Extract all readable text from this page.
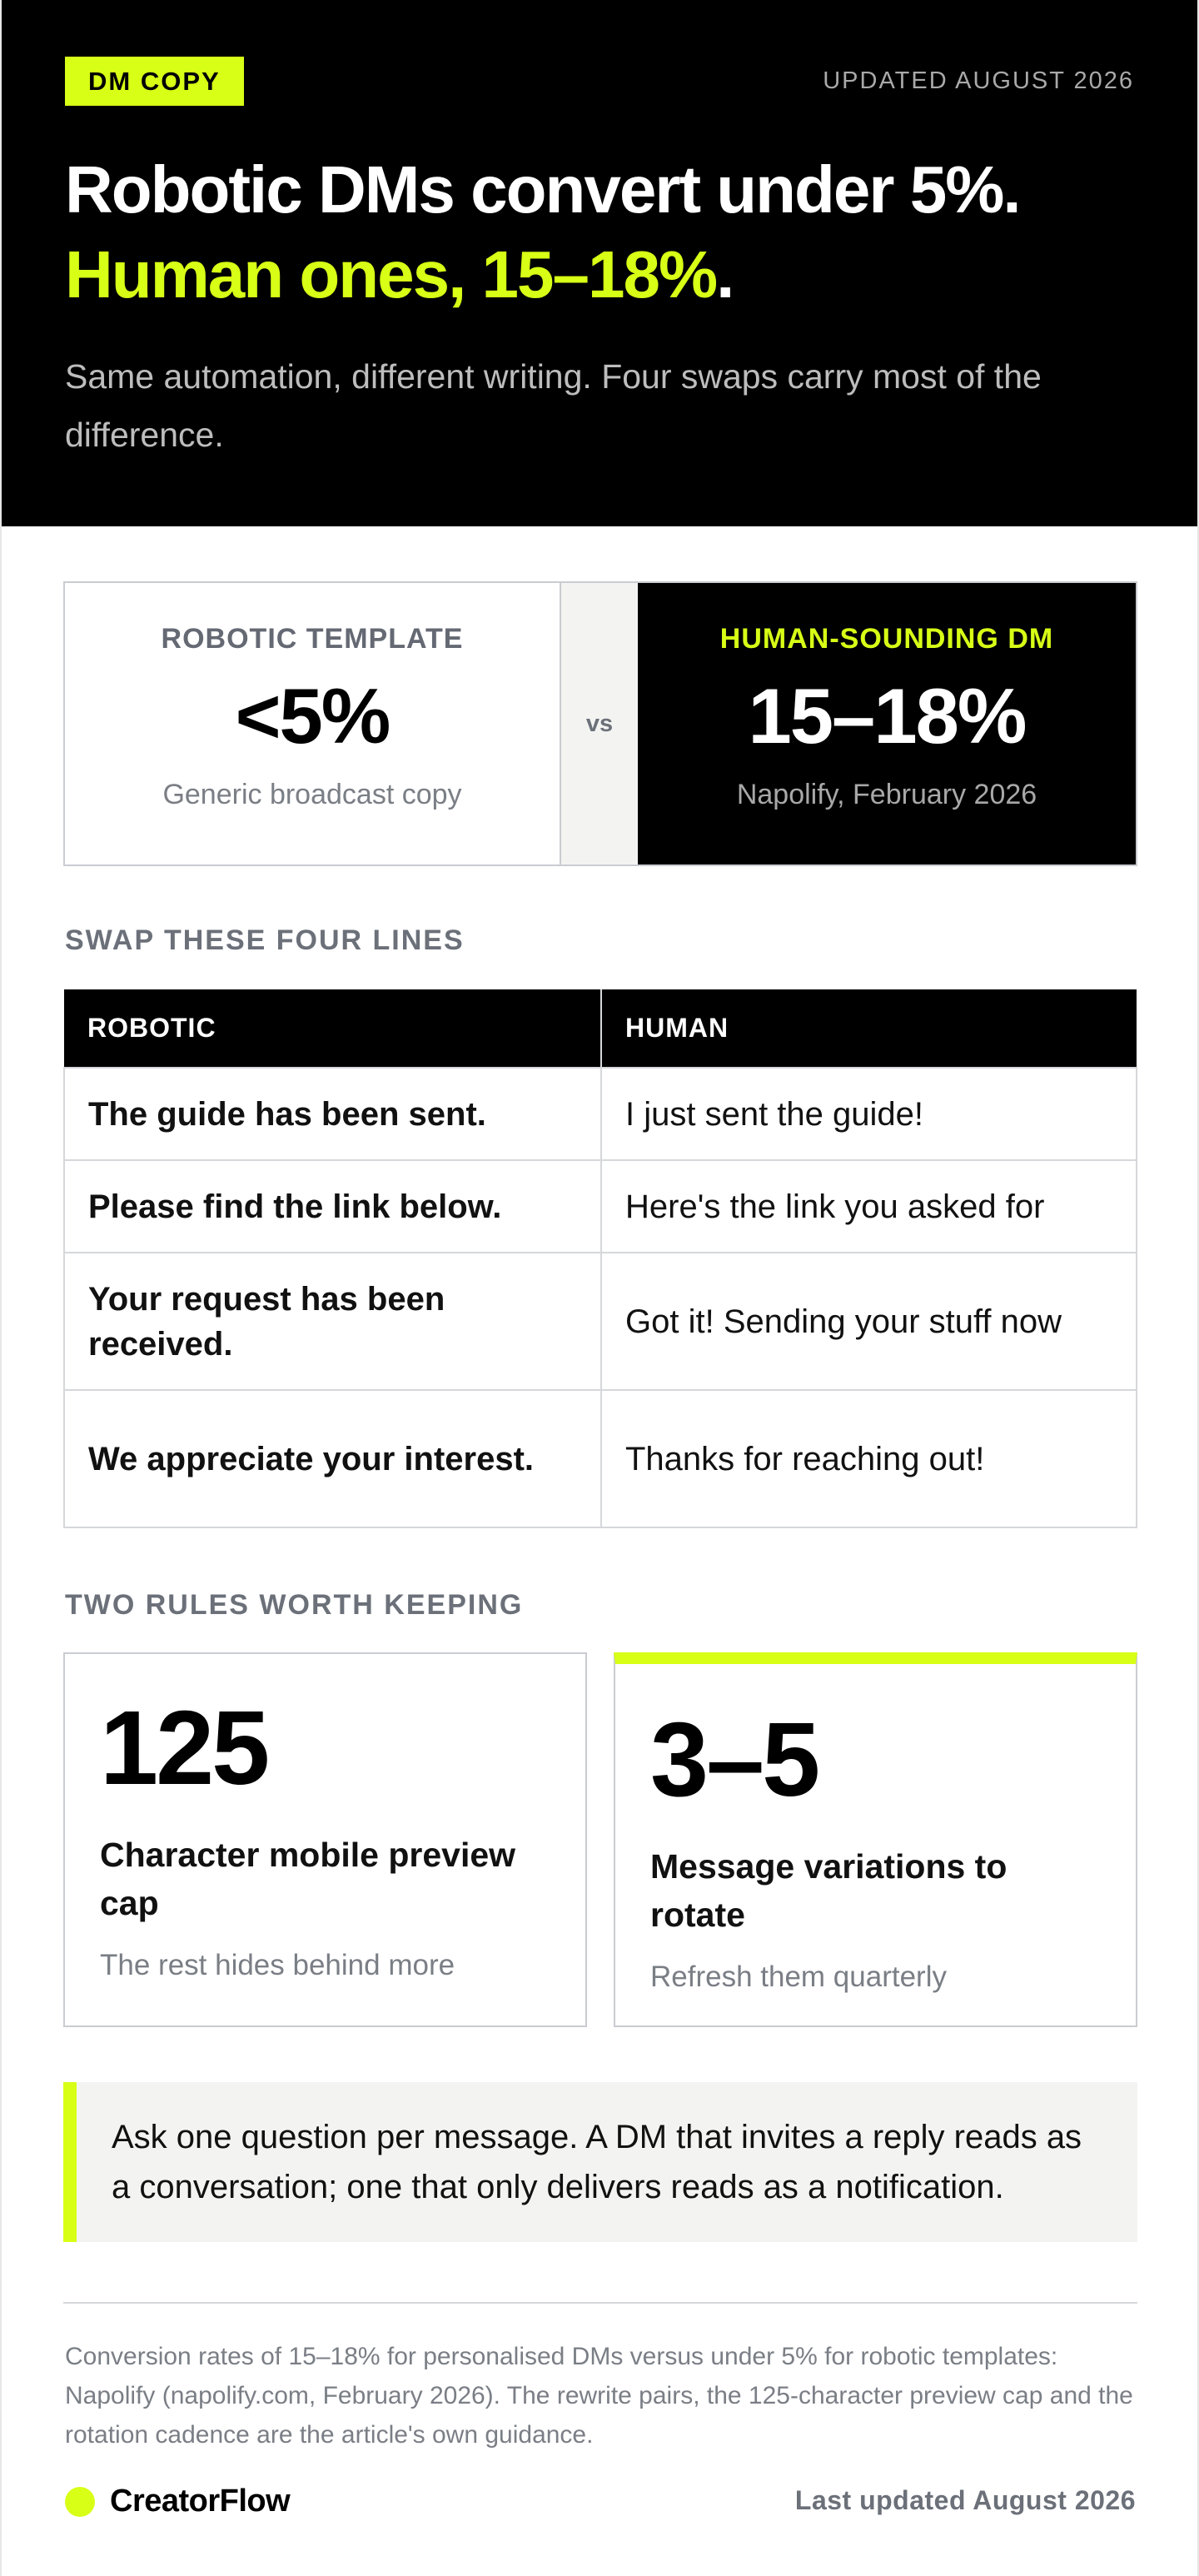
DM COPY	UPDATED AUGUST 2026
Robotic DMs convert under 5%.
Human ones, 15–18%.

Same automation, different writing. Four swaps carry most of the difference.

ROBOTIC TEMPLATE
<5%
Generic broadcast copy
vs
HUMAN-SOUNDING DM
15–18%
Napolify, February 2026
SWAP THESE FOUR LINES
ROBOTIC	HUMAN
The guide has been sent.	I just sent the guide!
Please find the link below.	Here's the link you asked for
Your request has been received.	Got it! Sending your stuff now
We appreciate your interest.	Thanks for reaching out!
TWO RULES WORTH KEEPING
125
Character mobile preview cap
The rest hides behind more
3–5
Message variations to rotate
Refresh them quarterly
Ask one question per message. A DM that invites a reply reads as a conversation; one that only delivers reads as a notification.

Conversion rates of 15–18% for personalised DMs versus under 5% for robotic templates: Napolify (napolify.com, February 2026). The rewrite pairs, the 125-character preview cap and the rotation cadence are the article's own guidance.

CreatorFlow	Last updated August 2026
